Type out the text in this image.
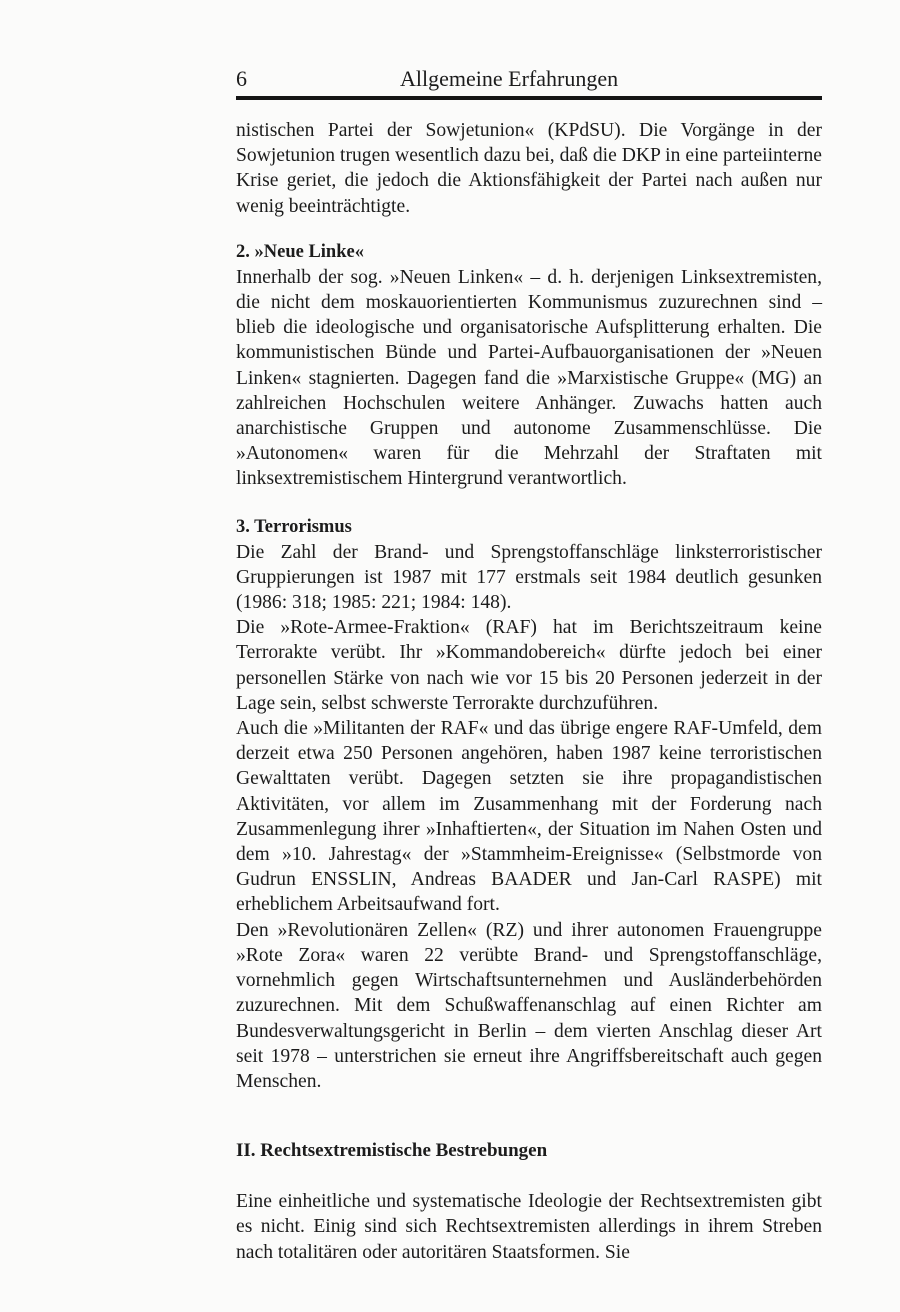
6	Allgemeine Erfahrungen

nistischen Partei der Sowjetunion« (KPdSU). Die Vorgänge in der Sowjetunion trugen wesentlich dazu bei, daß die DKP in eine parteiinterne Krise geriet, die jedoch die Aktionsfähigkeit der Partei nach außen nur wenig beeinträchtigte.

2. »Neue Linke«

Innerhalb der sog. »Neuen Linken« – d. h. derjenigen Linksextremisten, die nicht dem moskauorientierten Kommunismus zuzurechnen sind – blieb die ideologische und organisatorische Aufsplitterung erhalten. Die kommunistischen Bünde und Partei-Aufbauorganisationen der »Neuen Linken« stagnierten. Dagegen fand die »Marxistische Gruppe« (MG) an zahlreichen Hochschulen weitere Anhänger. Zuwachs hatten auch anarchistische Gruppen und autonome Zusammenschlüsse. Die »Autonomen« waren für die Mehrzahl der Straftaten mit linksextremistischem Hintergrund verantwortlich.

3. Terrorismus

Die Zahl der Brand- und Sprengstoffanschläge linksterroristischer Gruppierungen ist 1987 mit 177 erstmals seit 1984 deutlich gesunken (1986: 318; 1985: 221; 1984: 148).

Die »Rote-Armee-Fraktion« (RAF) hat im Berichtszeitraum keine Terrorakte verübt. Ihr »Kommandobereich« dürfte jedoch bei einer personellen Stärke von nach wie vor 15 bis 20 Personen jederzeit in der Lage sein, selbst schwerste Terrorakte durchzuführen.

Auch die »Militanten der RAF« und das übrige engere RAF-Umfeld, dem derzeit etwa 250 Personen angehören, haben 1987 keine terroristischen Gewalttaten verübt. Dagegen setzten sie ihre propagandistischen Aktivitäten, vor allem im Zusammenhang mit der Forderung nach Zusammenlegung ihrer »Inhaftierten«, der Situation im Nahen Osten und dem »10. Jahrestag« der »Stammheim-Ereignisse« (Selbstmorde von Gudrun ENSSLIN, Andreas BAADER und Jan-Carl RASPE) mit erheblichem Arbeitsaufwand fort.

Den »Revolutionären Zellen« (RZ) und ihrer autonomen Frauengruppe »Rote Zora« waren 22 verübte Brand- und Sprengstoffanschläge, vornehmlich gegen Wirtschaftsunternehmen und Ausländerbehörden zuzurechnen. Mit dem Schußwaffenanschlag auf einen Richter am Bundesverwaltungsgericht in Berlin – dem vierten Anschlag dieser Art seit 1978 – unterstrichen sie erneut ihre Angriffsbereitschaft auch gegen Menschen.

II. Rechtsextremistische Bestrebungen

Eine einheitliche und systematische Ideologie der Rechtsextremisten gibt es nicht. Einig sind sich Rechtsextremisten allerdings in ihrem Streben nach totalitären oder autoritären Staatsformen. Sie
